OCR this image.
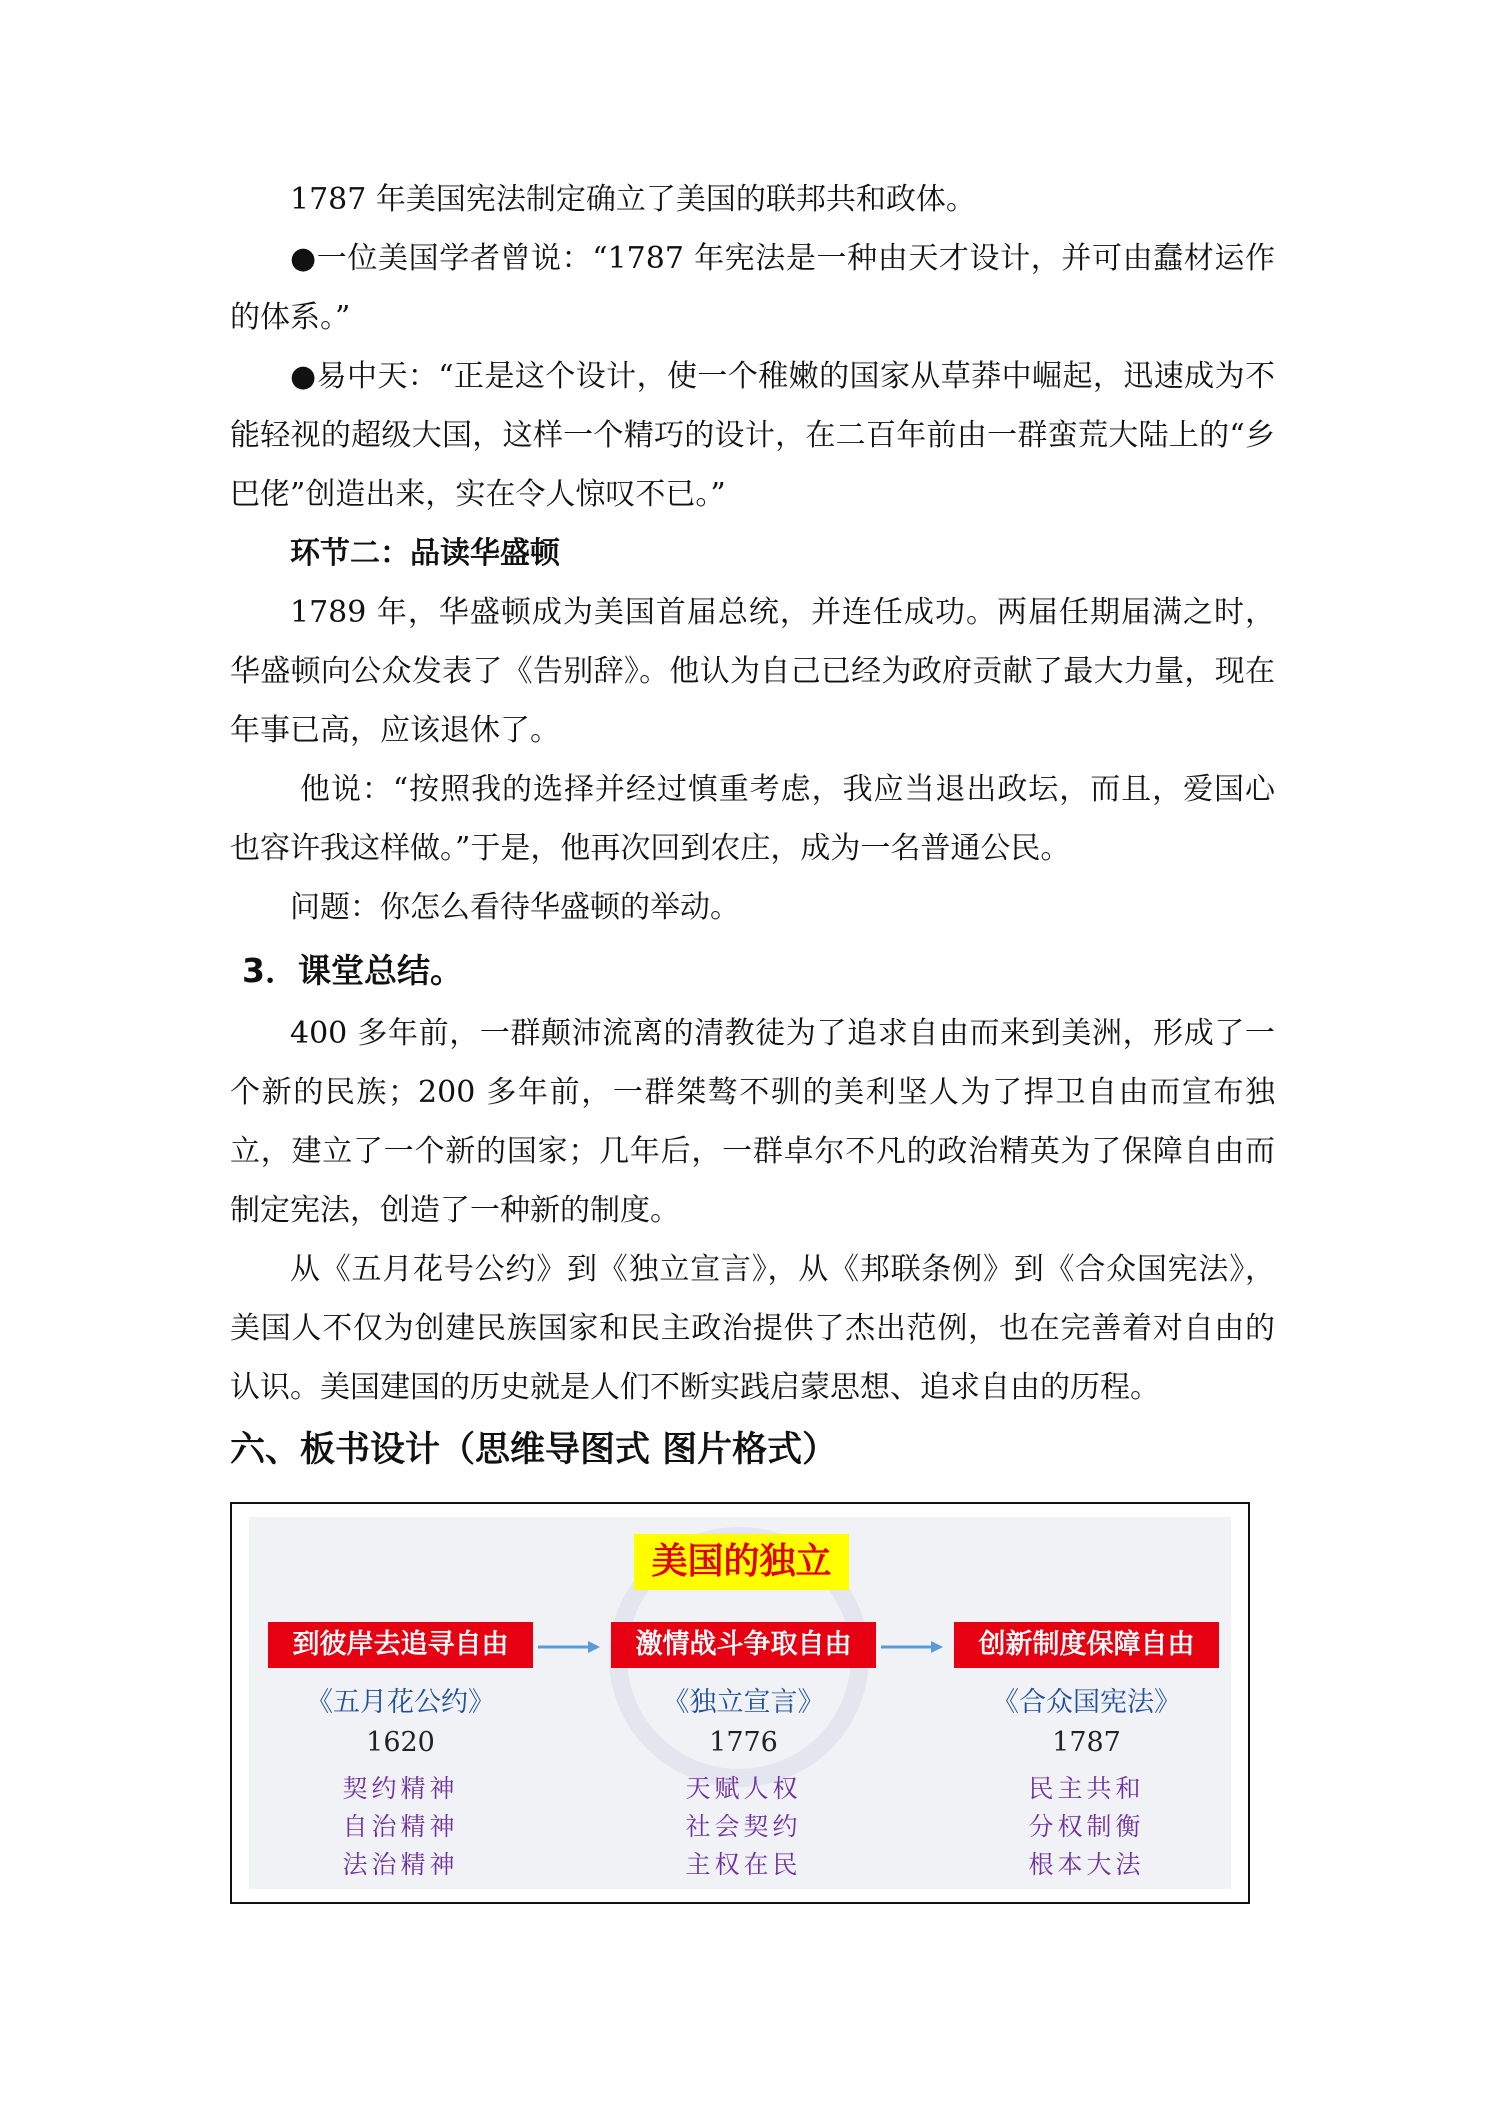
1787 年美国宪法制定确立了美国的联邦共和政体。

●一位美国学者曾说：“1787 年宪法是一种由天才设计，并可由蠢材运作的体系。”

●易中天：“正是这个设计，使一个稚嫩的国家从草莽中崛起，迅速成为不能轻视的超级大国，这样一个精巧的设计，在二百年前由一群蛮荒大陆上的“乡巴佬”创造出来，实在令人惊叹不已。”

环节二：品读华盛顿

1789 年，华盛顿成为美国首届总统，并连任成功。两届任期届满之时，华盛顿向公众发表了《告别辞》。他认为自己已经为政府贡献了最大力量，现在年事已高，应该退休了。

他说：“按照我的选择并经过慎重考虑，我应当退出政坛，而且，爱国心也容许我这样做。”于是，他再次回到农庄，成为一名普通公民。

问题：你怎么看待华盛顿的举动。

3．课堂总结。

400 多年前，一群颠沛流离的清教徒为了追求自由而来到美洲，形成了一个新的民族；200 多年前，一群桀骜不驯的美利坚人为了捍卫自由而宣布独立，建立了一个新的国家；几年后，一群卓尔不凡的政治精英为了保障自由而制定宪法，创造了一种新的制度。

从《五月花号公约》到《独立宣言》，从《邦联条例》到《合众国宪法》，美国人不仅为创建民族国家和民主政治提供了杰出范例，也在完善着对自由的认识。美国建国的历史就是人们不断实践启蒙思想、追求自由的历程。

六、板书设计（思维导图式 图片格式）
美国的独立
到彼岸去追寻自由
《五月花公约》
1620
契约精神
自治精神
法治精神
激情战斗争取自由
《独立宣言》
1776
天赋人权
社会契约
主权在民
创新制度保障自由
《合众国宪法》
1787
民主共和
分权制衡
根本大法
